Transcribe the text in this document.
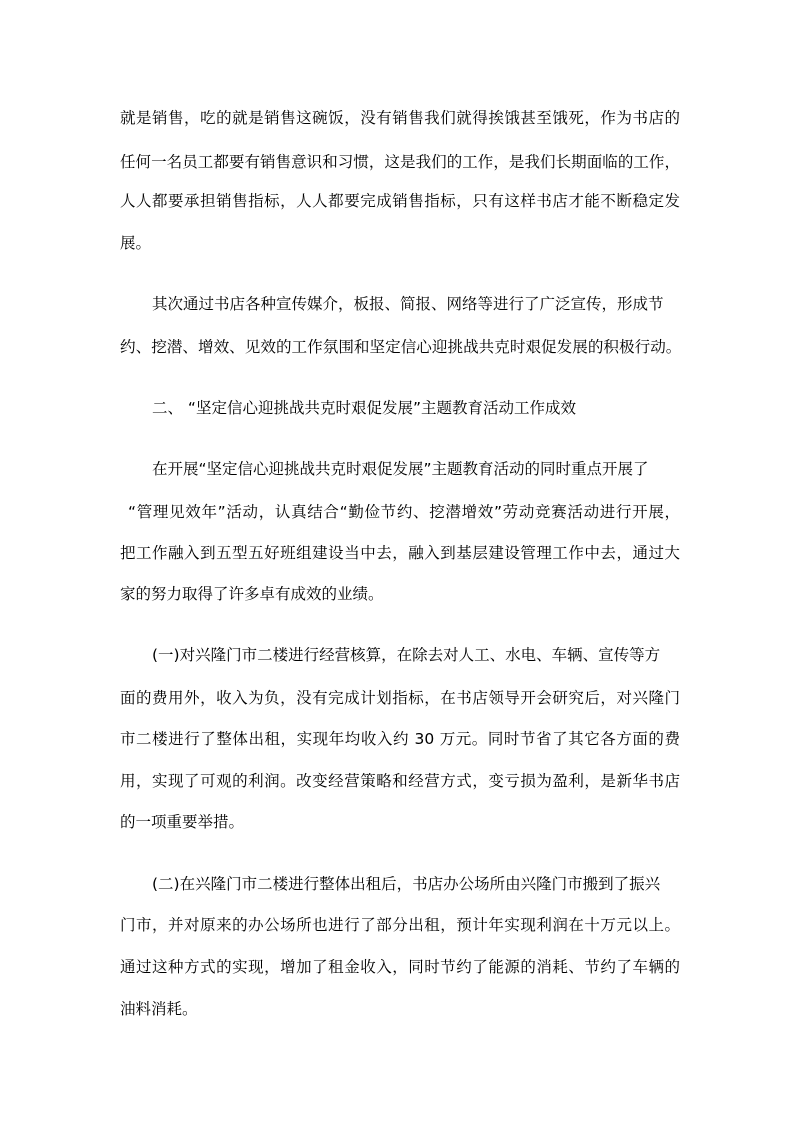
就是销售，吃的就是销售这碗饭，没有销售我们就得挨饿甚至饿死，作为书店的
任何一名员工都要有销售意识和习惯，这是我们的工作，是我们长期面临的工作，
人人都要承担销售指标，人人都要完成销售指标，只有这样书店才能不断稳定发
展。
其次通过书店各种宣传媒介，板报、简报、网络等进行了广泛宣传，形成节
约、挖潜、增效、见效的工作氛围和坚定信心迎挑战共克时艰促发展的积极行动。
二、 “坚定信心迎挑战共克时艰促发展”主题教育活动工作成效
在开展“坚定信心迎挑战共克时艰促发展”主题教育活动的同时重点开展了
“管理见效年”活动，认真结合“勤俭节约、挖潜增效”劳动竞赛活动进行开展，
把工作融入到五型五好班组建设当中去，融入到基层建设管理工作中去，通过大
家的努力取得了许多卓有成效的业绩。
(一)对兴隆门市二楼进行经营核算，在除去对人工、水电、车辆、宣传等方
面的费用外，收入为负，没有完成计划指标，在书店领导开会研究后，对兴隆门
市二楼进行了整体出租，实现年均收入约 30 万元。同时节省了其它各方面的费
用，实现了可观的利润。改变经营策略和经营方式，变亏损为盈利，是新华书店
的一项重要举措。
(二)在兴隆门市二楼进行整体出租后，书店办公场所由兴隆门市搬到了振兴
门市，并对原来的办公场所也进行了部分出租，预计年实现利润在十万元以上。
通过这种方式的实现，增加了租金收入，同时节约了能源的消耗、节约了车辆的
油料消耗。
